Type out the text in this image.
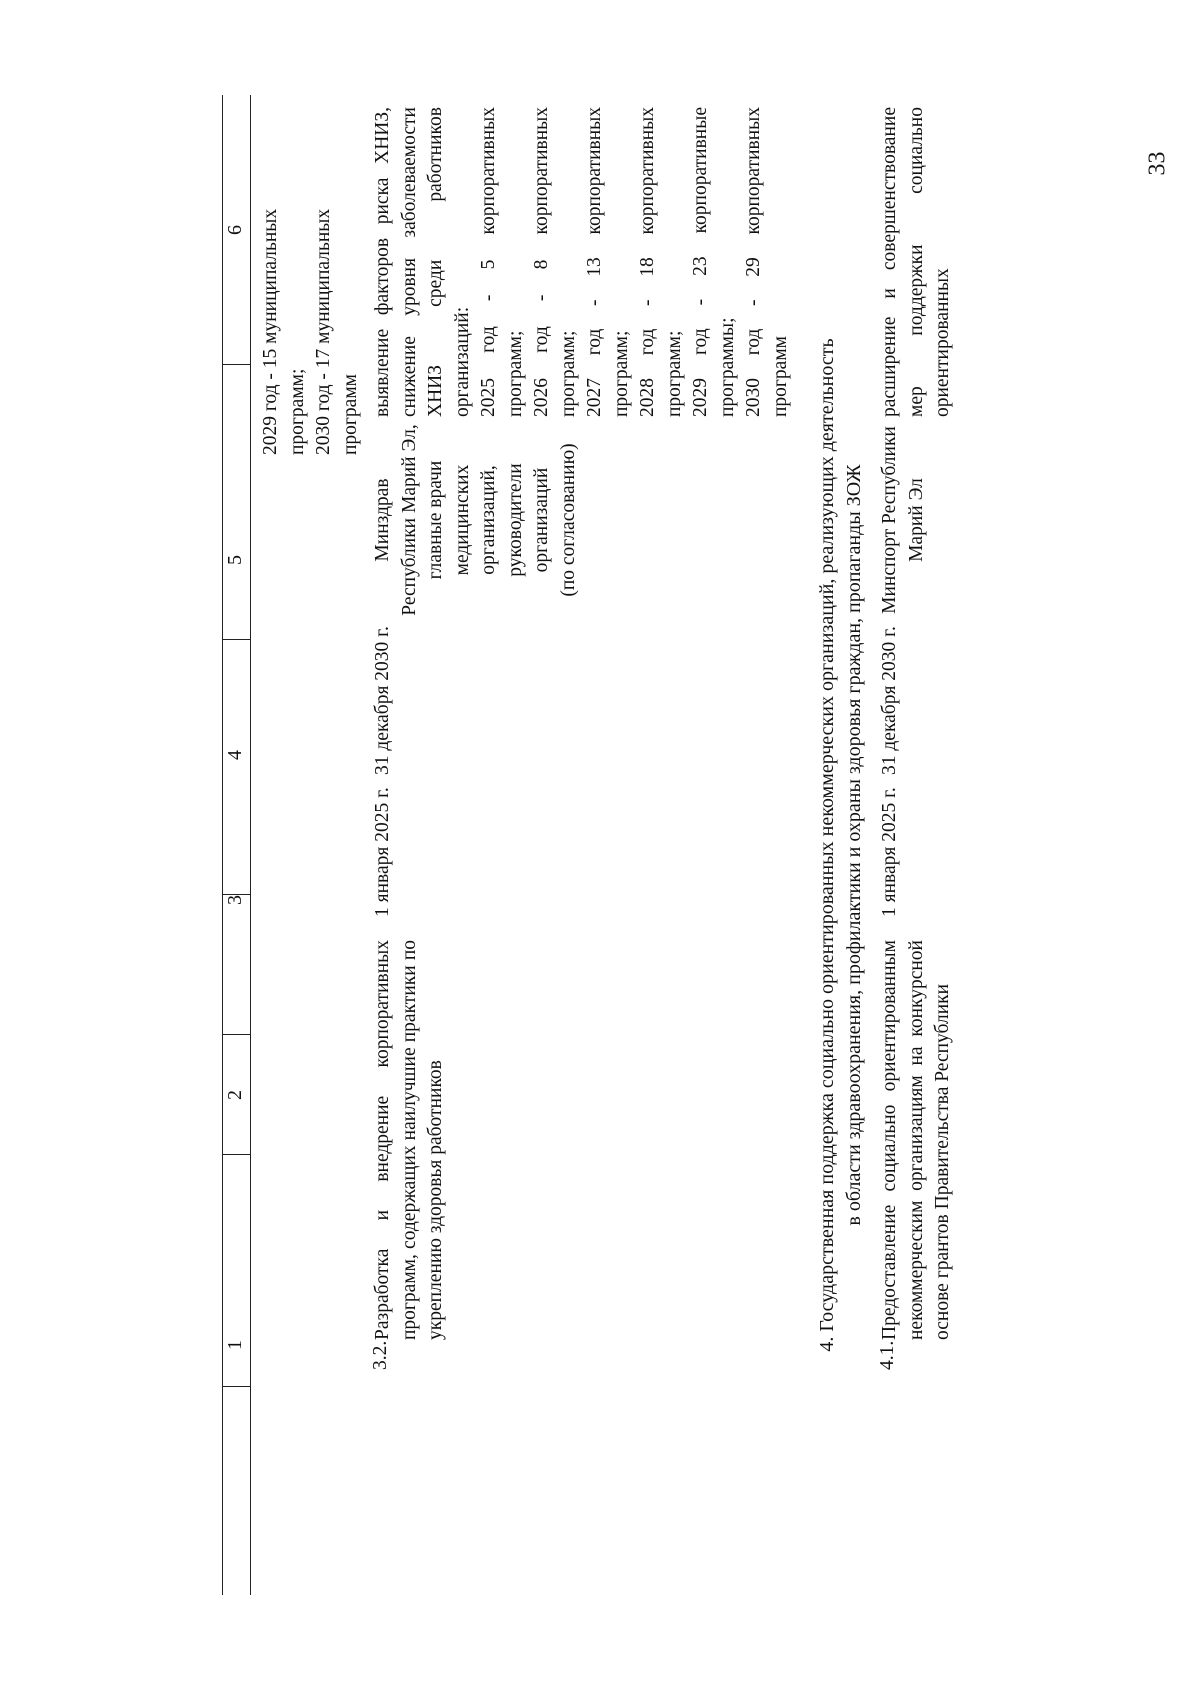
33
1
2
3
4
5
6 2029 год - 15 муниципальных программ; 2030 год - 17 муниципальных программ
3.2.
Разработка и внедрение корпоративных программ, содержащих наилучшие практики по укреплению здоровья работников
1 января 2025 г.
31 декабря 2030 г.
Минздрав Республики Марий Эл, главные врачи медицинских организаций, руководители организаций (по согласованию)
выявление факторов риска ХНИЗ, снижение уровня заболеваемости ХНИЗ среди работников организаций: 2025 год - 5 корпоративных программ; 2026 год - 8 корпоративных программ; 2027 год - 13 корпоративных программ; 2028 год - 18 корпоративных программ; 2029 год - 23 корпоративные программы; 2030 год - 29 корпоративных программ 4. Государственная поддержка социально ориентированных некоммерческих организаций, реализующих деятельность в области здравоохранения, профилактики и охраны здоровья граждан, пропаганды ЗОЖ
4.1.
Предоставление социально ориентированным некоммерческим организациям на конкурсной основе грантов Правительства Республики
1 января 2025 г.
31 декабря 2030 г.
Минспорт Республики Марий Эл
расширение и совершенствование мер поддержки социально ориентированных
